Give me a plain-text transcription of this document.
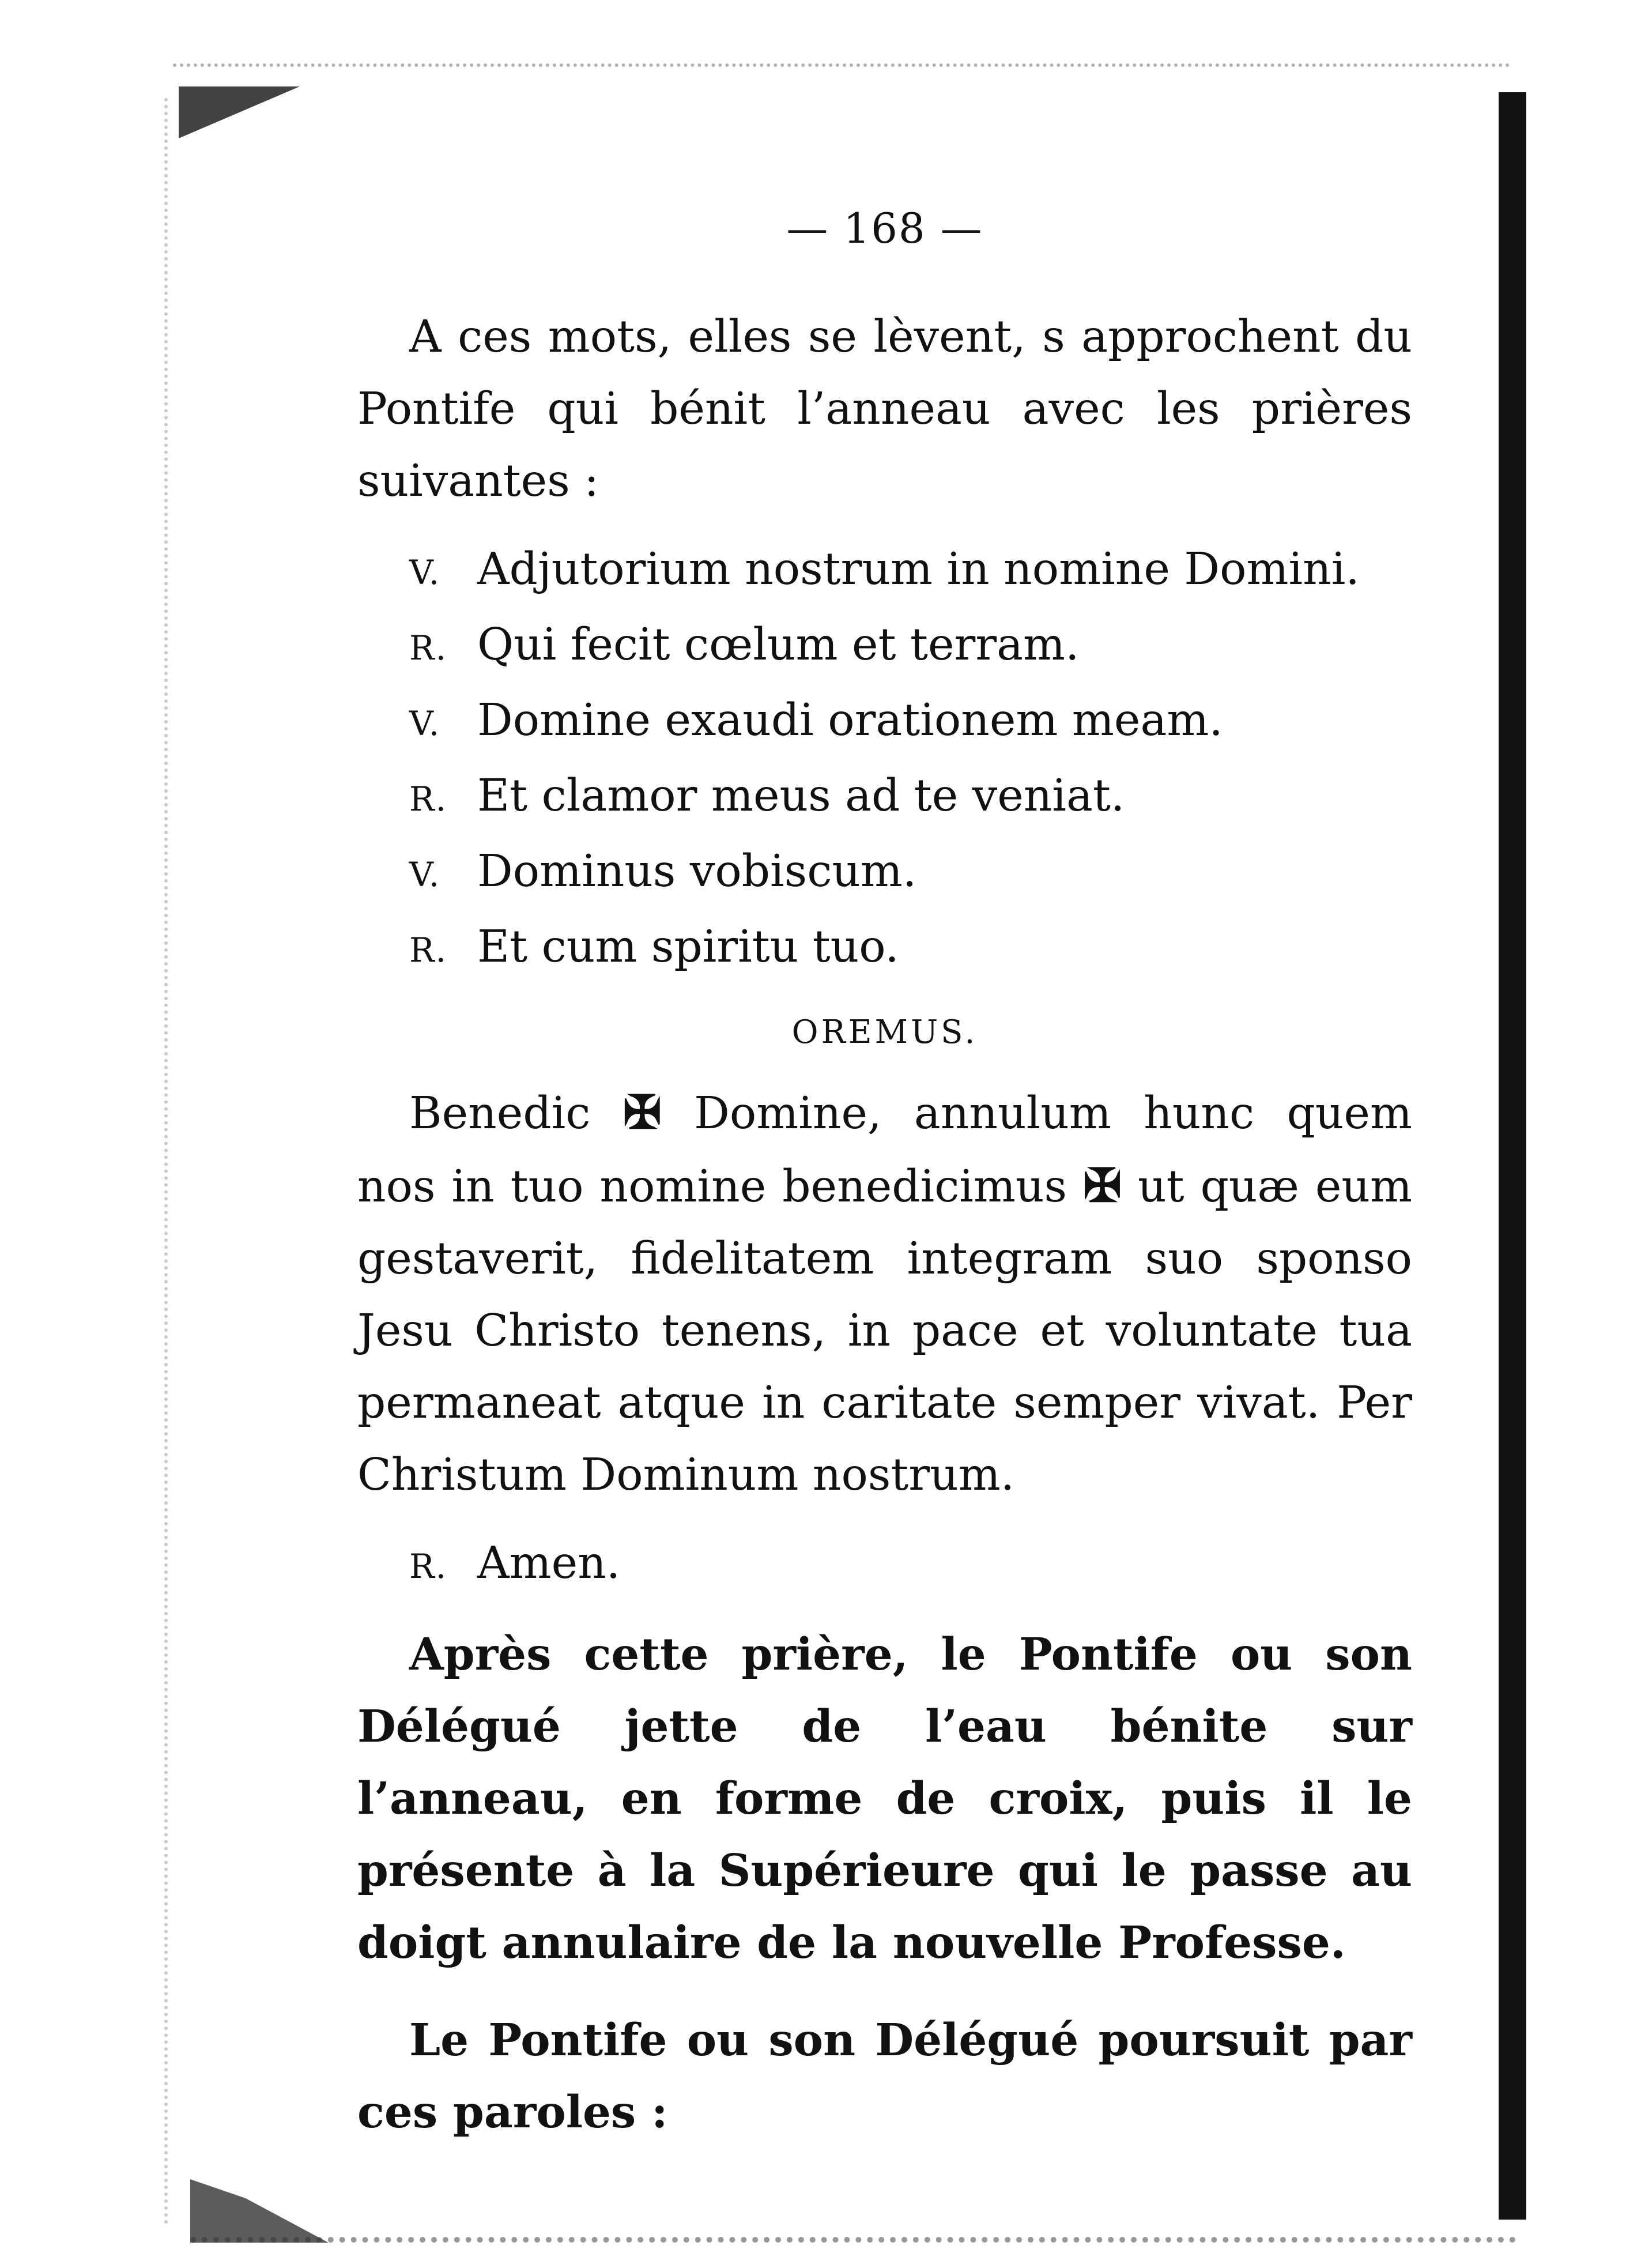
— 168 —

A ces mots, elles se lèvent, s approchent du Pontife qui bénit l’anneau avec les prières suivantes :

V. Adjutorium nostrum in nomine Domini.
R. Qui fecit cœlum et terram.
V. Domine exaudi orationem meam.
R. Et clamor meus ad te veniat.
V. Dominus vobiscum.
R. Et cum spiritu tuo.
OREMUS.

Benedic ✠ Domine, annulum hunc quem nos in tuo nomine benedicimus ✠ ut quæ eum gestaverit, fidelitatem integram suo sponso Jesu Christo tenens, in pace et voluntate tua permaneat atque in caritate semper vivat. Per Christum Dominum nostrum.

R. Amen.

Après cette prière, le Pontife ou son Délégué jette de l’eau bénite sur l’anneau, en forme de croix, puis il le présente à la Supérieure qui le passe au doigt annulaire de la nouvelle Professe.

Le Pontife ou son Délégué poursuit par ces paroles :
